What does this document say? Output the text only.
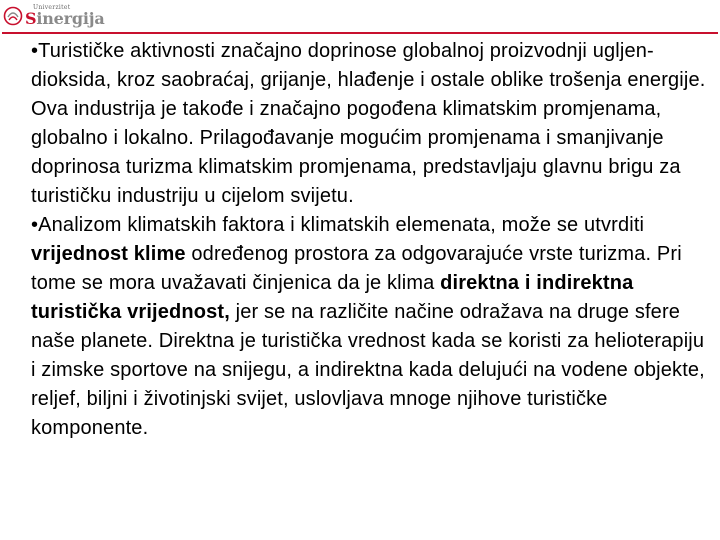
Univerzitet
Sinergija

•Turističke aktivnosti značajno doprinose globalnoj proizvodnji ugljen-dioksida, kroz saobraćaj, grijanje, hlađenje i ostale oblike trošenja energije. Ova industrija je takođe i značajno pogođena klimatskim promjenama, globalno i lokalno. Prilagođavanje mogućim promjenama i smanjivanje doprinosa turizma klimatskim promjenama, predstavljaju glavnu brigu za turističku industriju u cijelom svijetu.

•Analizom klimatskih faktora i klimatskih elemenata, može se utvrditi vrijednost klime određenog prostora za odgovarajuće vrste turizma. Pri tome se mora uvažavati činjenica da je klima direktna i indirektna turistička vrijednost, jer se na različite načine odražava na druge sfere naše planete. Direktna je turistička vrednost kada se koristi za helioterapiju i zimske sportove na snijegu, a indirektna kada delujući na vodene objekte, reljef, biljni i životinjski svijet, uslovljava mnoge njihove turističke komponente.
